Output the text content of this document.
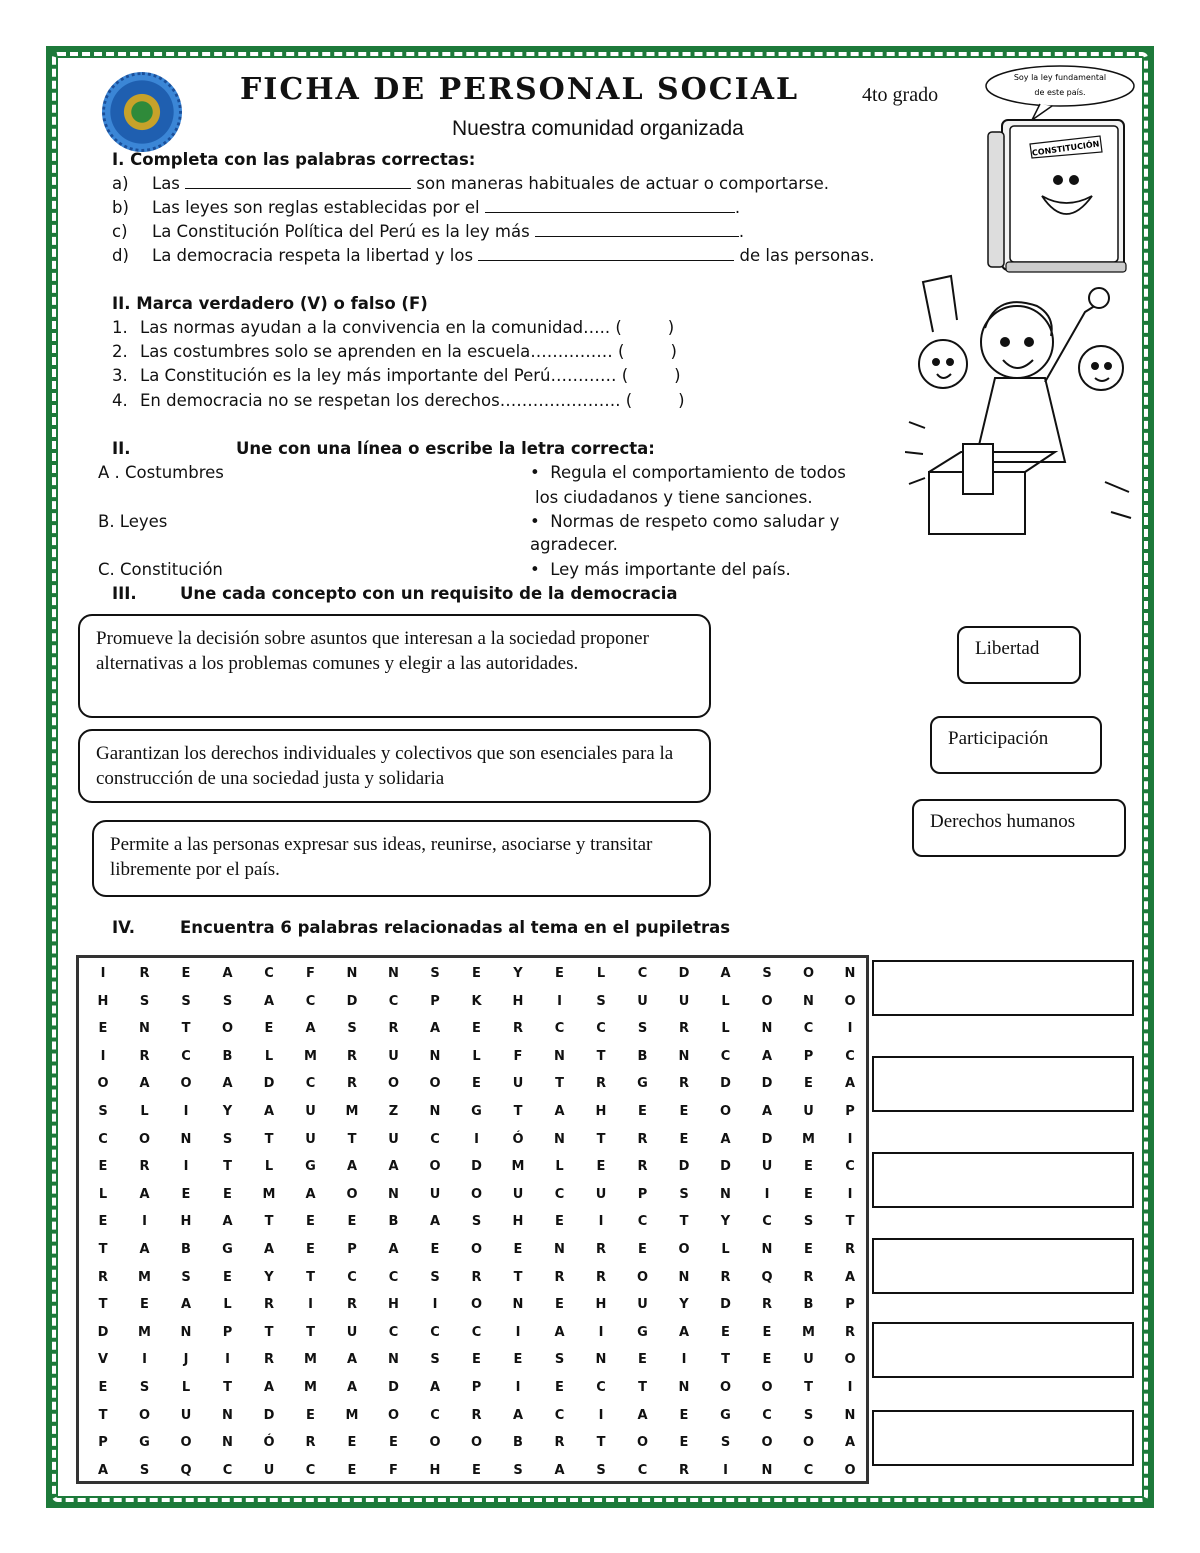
FICHA DE PERSONAL SOCIAL	4to grado
Nuestra comunidad organizada
Soy la ley fundamental
de este país.
CONSTITUCIÓN
I. Completa con las palabras correctas:
a) Las	son maneras habituales de actuar o comportarse.
b) Las leyes son reglas establecidas por el	.
c) La Constitución Política del Perú es la ley más	.
d) La democracia respeta la libertad y los	de las personas.
II. Marca verdadero (V) o falso (F)
1. Las normas ayudan a la convivencia en la comunidad….. (	)
2. Las costumbres solo se aprenden en la escuela…………… (	)
3. La Constitución es la ley más importante del Perú………… (	)
4. En democracia no se respetan los derechos…………………. (	)
II.	Une con una línea o escribe la letra correcta:
A . Costumbres
B. Leyes
C. Constitución
•  Regula el comportamiento de todos
los ciudadanos y tiene sanciones.
•  Normas de respeto como saludar y
agradecer.
•  Ley más importante del país.
III.	Une cada concepto con un requisito de la democracia
Promueve la decisión sobre asuntos que interesan a la sociedad proponer alternativas a los problemas comunes y elegir a las autoridades.
Garantizan los derechos individuales y colectivos que son esenciales para la construcción de una sociedad justa y solidaria
Permite a las personas expresar sus ideas, reunirse, asociarse y transitar libremente por el país.
Libertad
Participación
Derechos humanos
IV.	Encuentra 6 palabras relacionadas al tema en el pupiletras
I	R	E	A	C	F	N	N	S	E	Y	E	L	C	D	A	S	O	N
H	S	S	S	A	C	D	C	P	K	H	I	S	U	U	L	O	N	O
E	N	T	O	E	A	S	R	A	E	R	C	C	S	R	L	N	C	I
I	R	C	B	L	M	R	U	N	L	F	N	T	B	N	C	A	P	C
O	A	O	A	D	C	R	O	O	E	U	T	R	G	R	D	D	E	A
S	L	I	Y	A	U	M	Z	N	G	T	A	H	E	E	O	A	U	P
C	O	N	S	T	U	T	U	C	I	Ó	N	T	R	E	A	D	M	I
E	R	I	T	L	G	A	A	O	D	M	L	E	R	D	D	U	E	C
L	A	E	E	M	A	O	N	U	O	U	C	U	P	S	N	I	E	I
E	I	H	A	T	E	E	B	A	S	H	E	I	C	T	Y	C	S	T
T	A	B	G	A	E	P	A	E	O	E	N	R	E	O	L	N	E	R
R	M	S	E	Y	T	C	C	S	R	T	R	R	O	N	R	Q	R	A
T	E	A	L	R	I	R	H	I	O	N	E	H	U	Y	D	R	B	P
D	M	N	P	T	T	U	C	C	C	I	A	I	G	A	E	E	M	R
V	I	J	I	R	M	A	N	S	E	E	S	N	E	I	T	E	U	O
E	S	L	T	A	M	A	D	A	P	I	E	C	T	N	O	O	T	I
T	O	U	N	D	E	M	O	C	R	A	C	I	A	E	G	C	S	N
P	G	O	N	Ó	R	E	E	O	O	B	R	T	O	E	S	O	O	A
A	S	Q	C	U	C	E	F	H	E	S	A	S	C	R	I	N	C	O
